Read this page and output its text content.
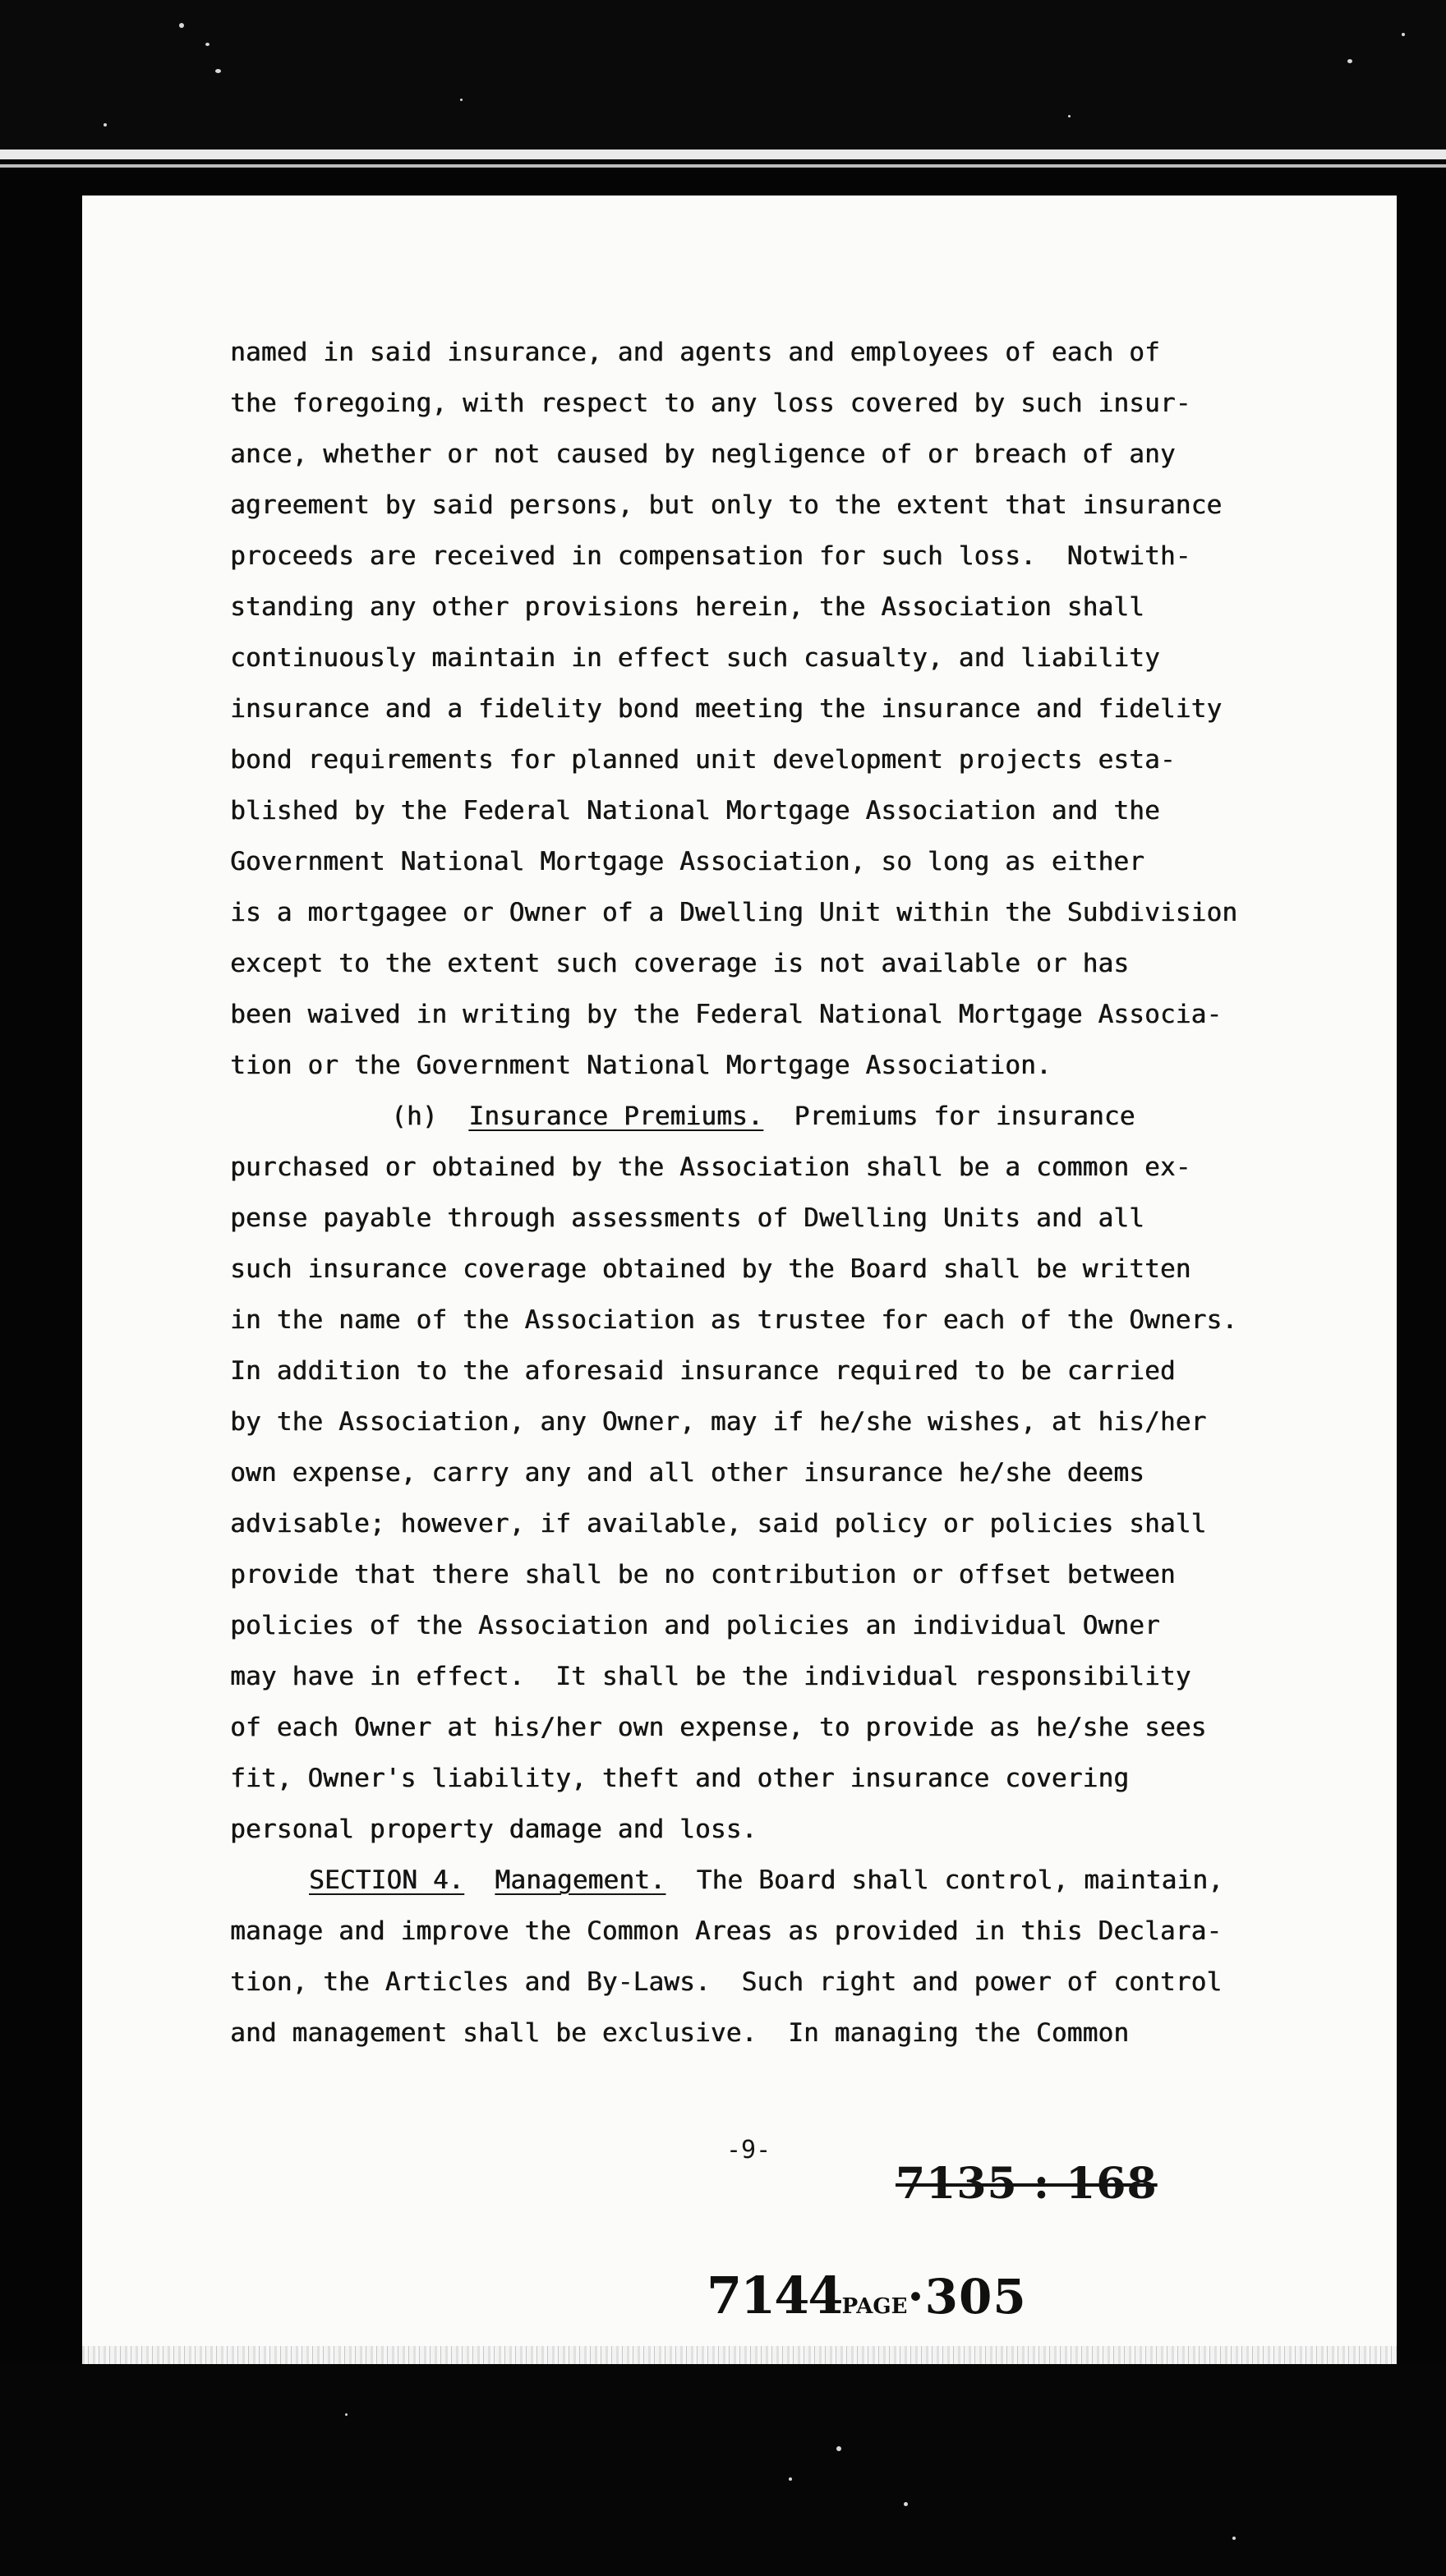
named in said insurance, and agents and employees of each of
the foregoing, with respect to any loss covered by such insur-
ance, whether or not caused by negligence of or breach of any
agreement by said persons, but only to the extent that insurance
proceeds are received in compensation for such loss.  Notwith-
standing any other provisions herein, the Association shall
continuously maintain in effect such casualty, and liability
insurance and a fidelity bond meeting the insurance and fidelity
bond requirements for planned unit development projects esta-
blished by the Federal National Mortgage Association and the
Government National Mortgage Association, so long as either
is a mortgagee or Owner of a Dwelling Unit within the Subdivision
except to the extent such coverage is not available or has
been waived in writing by the Federal National Mortgage Associa-
tion or the Government National Mortgage Association.
(h) Insurance Premiums. Premiums for insurance
purchased or obtained by the Association shall be a common ex-
pense payable through assessments of Dwelling Units and all
such insurance coverage obtained by the Board shall be written
in the name of the Association as trustee for each of the Owners.
In addition to the aforesaid insurance required to be carried
by the Association, any Owner, may if he/she wishes, at his/her
own expense, carry any and all other insurance he/she deems
advisable; however, if available, said policy or policies shall
provide that there shall be no contribution or offset between
policies of the Association and policies an individual Owner
may have in effect.  It shall be the individual responsibility
of each Owner at his/her own expense, to provide as he/she sees
fit, Owner's liability, theft and other insurance covering
personal property damage and loss.
SECTION 4. Management. The Board shall control, maintain,
manage and improve the Common Areas as provided in this Declara-
tion, the Articles and By-Laws.  Such right and power of control
and management shall be exclusive.  In managing the Common
-9-
7135 : 168
7144PAGE·305
